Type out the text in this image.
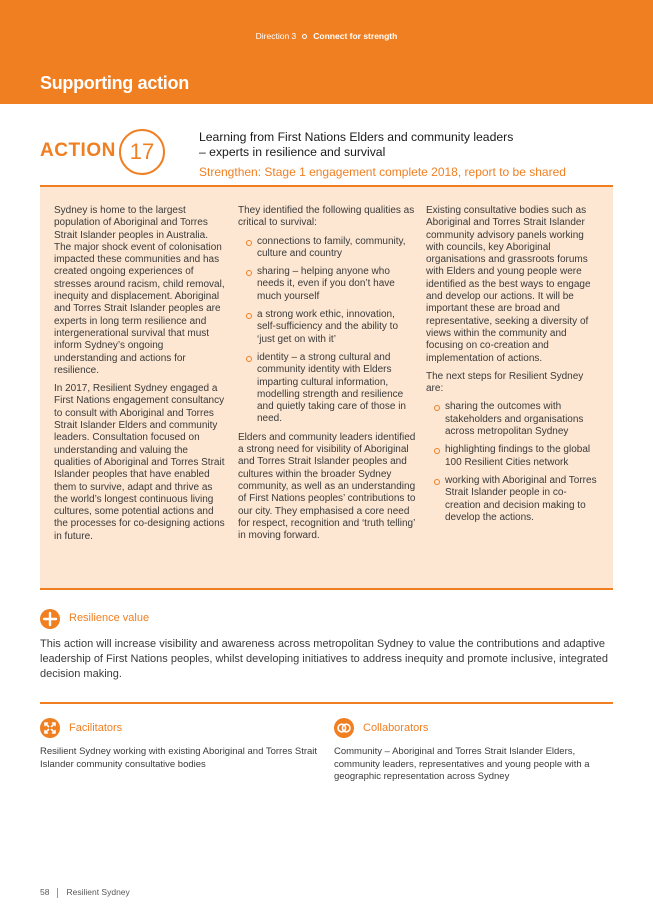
Direction 3 Connect for strength
Supporting action
ACTION 17
Learning from First Nations Elders and community leaders – experts in resilience and survival
Strengthen: Stage 1 engagement complete 2018, report to be shared

Sydney is home to the largest population of Aboriginal and Torres Strait Islander peoples in Australia. The major shock event of colonisation impacted these communities and has created ongoing experiences of stresses around racism, child removal, inequity and displacement. Aboriginal and Torres Strait Islander peoples are experts in long term resilience and intergenerational survival that must inform Sydney’s ongoing understanding and actions for resilience.

In 2017, Resilient Sydney engaged a First Nations engagement consultancy to consult with Aboriginal and Torres Strait Islander Elders and community leaders. Consultation focused on understanding and valuing the qualities of Aboriginal and Torres Strait Islander peoples that have enabled them to survive, adapt and thrive as the world’s longest continuous living cultures, some potential actions and the processes for co-designing actions in future.

They identified the following qualities as critical to survival:

connections to family, community, culture and country
sharing – helping anyone who needs it, even if you don’t have much yourself
a strong work ethic, innovation, self-sufficiency and the ability to ‘just get on with it’
identity – a strong cultural and community identity with Elders imparting cultural information, modelling strength and resilience and quietly taking care of those in need.

Elders and community leaders identified a strong need for visibility of Aboriginal and Torres Strait Islander peoples and cultures within the broader Sydney community, as well as an understanding of First Nations peoples’ contributions to our city. They emphasised a core need for respect, recognition and ‘truth telling’ in moving forward.

Existing consultative bodies such as Aboriginal and Torres Strait Islander community advisory panels working with councils, key Aboriginal organisations and grassroots forums with Elders and young people were identified as the best ways to engage and develop our actions. It will be important these are broad and representative, seeking a diversity of views within the community and focusing on co-creation and implementation of actions.

The next steps for Resilient Sydney are:

sharing the outcomes with stakeholders and organisations across metropolitan Sydney
highlighting findings to the global 100 Resilient Cities network
working with Aboriginal and Torres Strait Islander people in co-creation and decision making to develop the actions.
Resilience value
This action will increase visibility and awareness across metropolitan Sydney to value the contributions and adaptive leadership of First Nations peoples, whilst developing initiatives to address inequity and promote inclusive, integrated decision making.
Facilitators
Resilient Sydney working with existing Aboriginal and Torres Strait Islander community consultative bodies
Collaborators
Community – Aboriginal and Torres Strait Islander Elders, community leaders, representatives and young people with a geographic representation across Sydney
58 Resilient Sydney
